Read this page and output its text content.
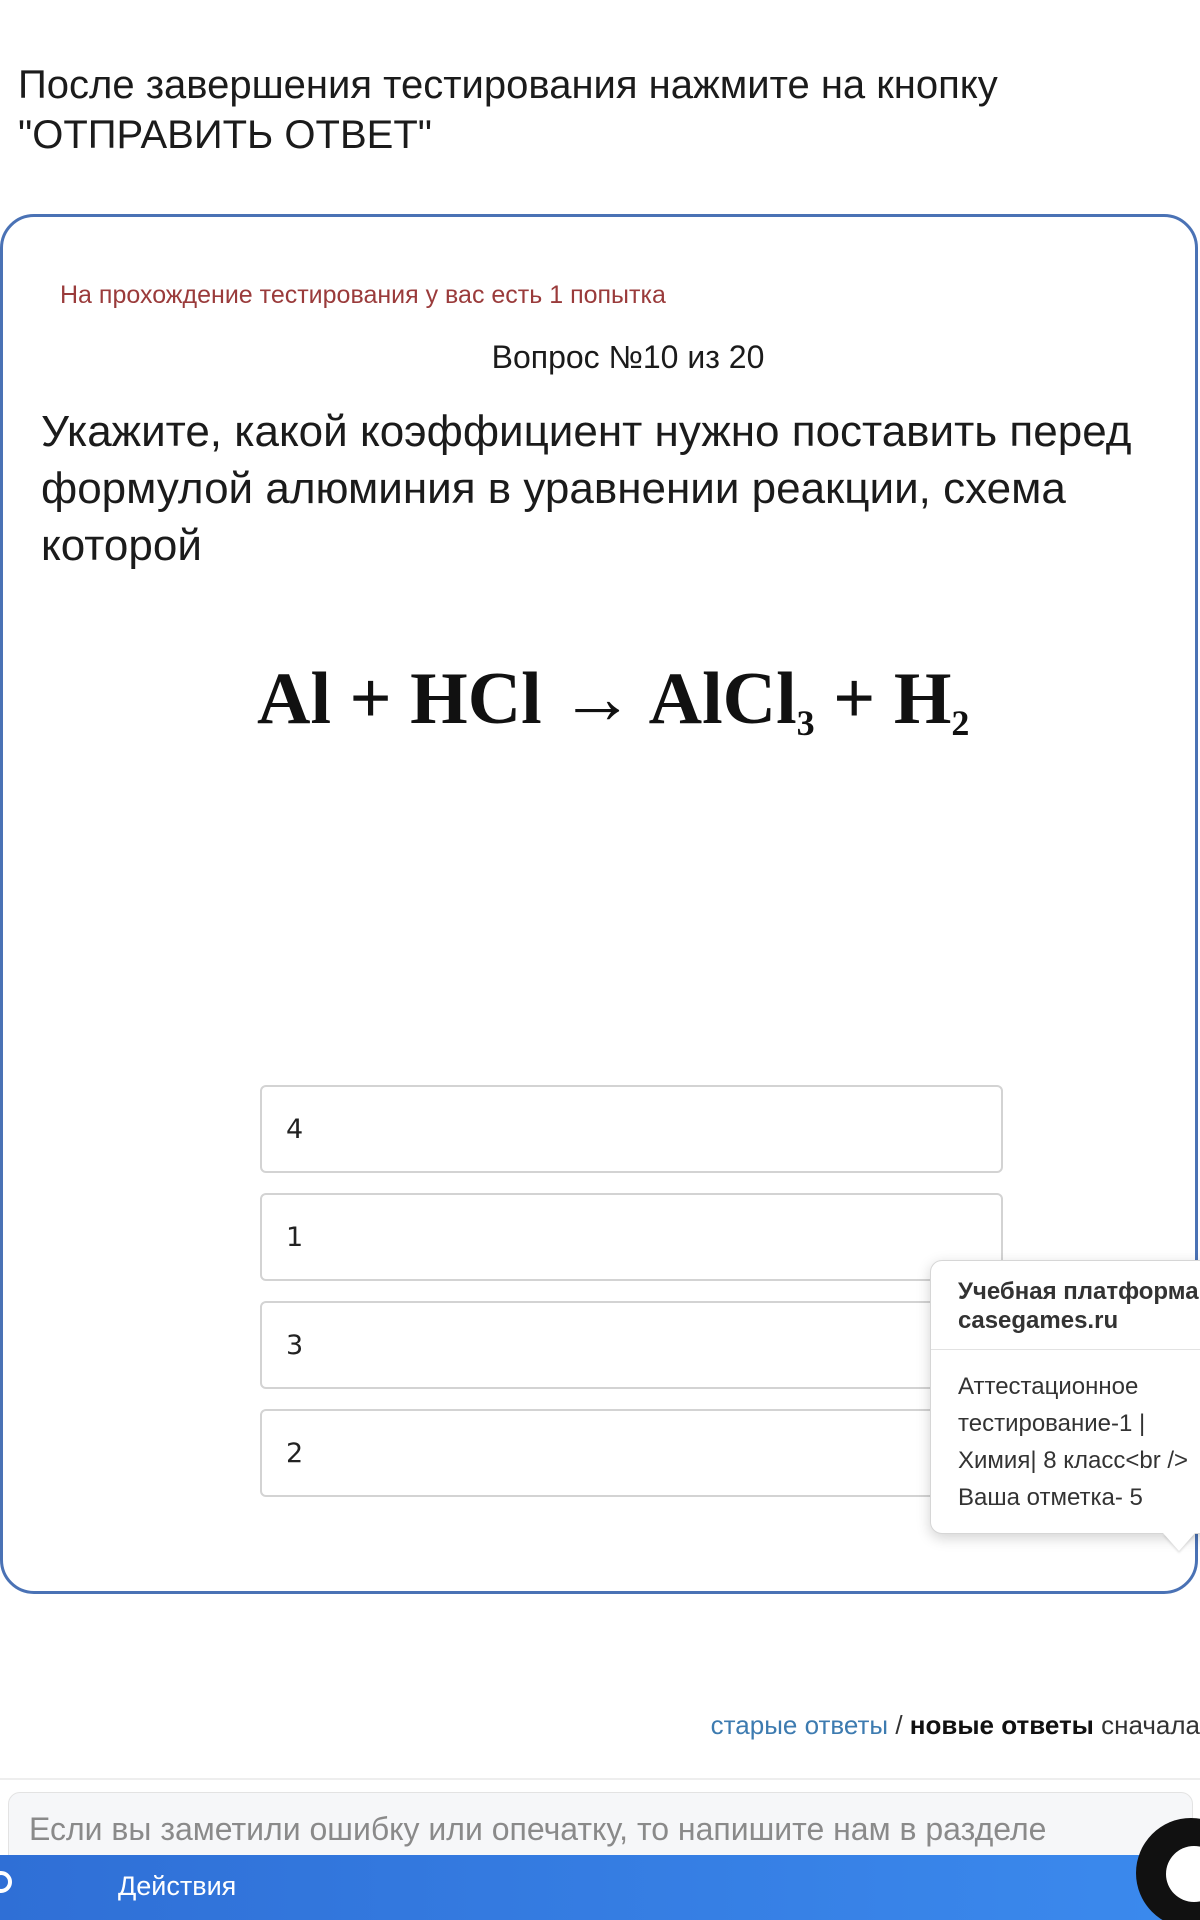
После завершения тестирования нажмите на кнопку "ОТПРАВИТЬ ОТВЕТ"
На прохождение тестирования у вас есть 1 попытка
Вопрос №10 из 20
Укажите, какой коэффициент нужно поставить перед формулой алюминия в уравнении реакции, схема которой
Al + HCl → AlCl$_3$ + $H_2$
4
1
3
2
Учебная платформа
casegames.ru
Аттестационное
тестирование-1 |
Химия| 8 класс<br />
Ваша отметка- 5
старые ответы / новые ответы сначала
Если вы заметили ошибку или опечатку, то напишите нам в разделе
Действия
